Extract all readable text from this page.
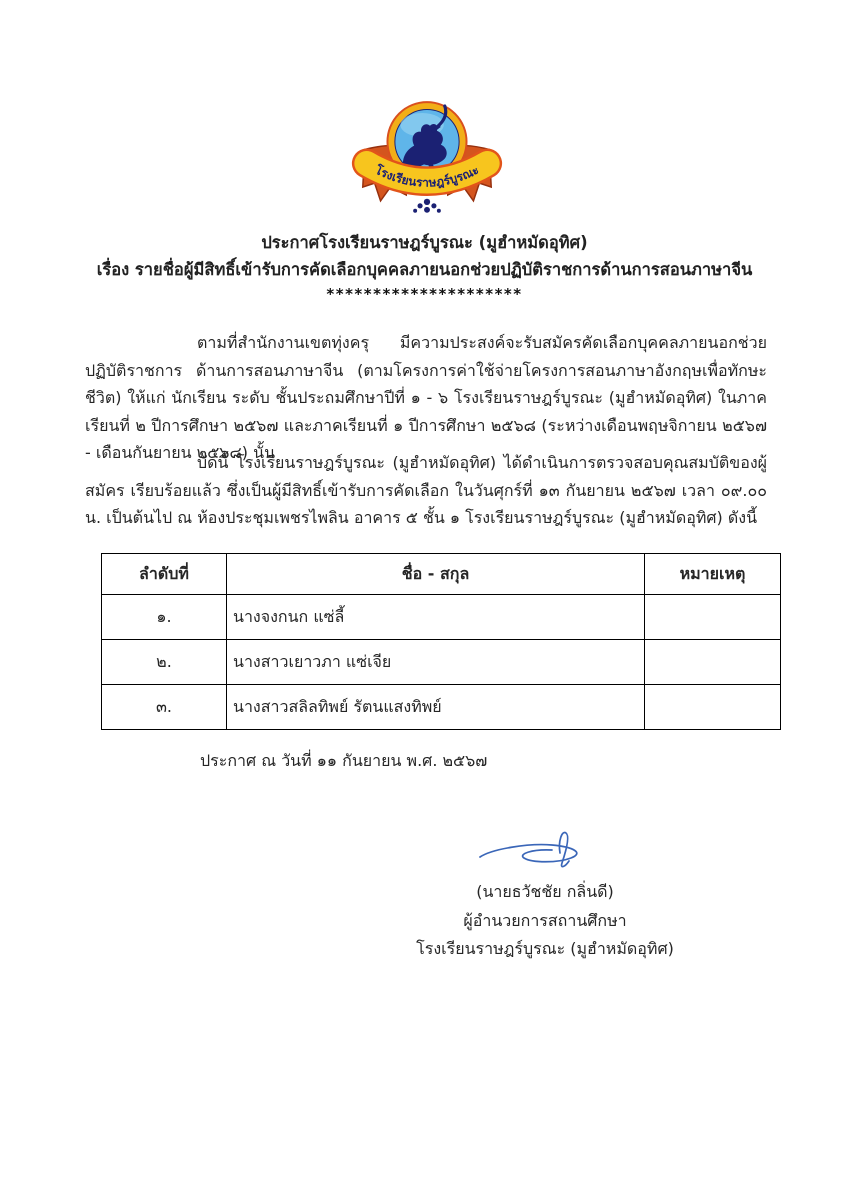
โรงเรียนราษฎร์บูรณะ
ประกาศโรงเรียนราษฎร์บูรณะ (มูฮำหมัดอุทิศ)
เรื่อง รายชื่อผู้มีสิทธิ์เข้ารับการคัดเลือกบุคคลภายนอกช่วยปฏิบัติราชการด้านการสอนภาษาจีน
*********************
ตามที่สำนักงานเขตทุ่งครุ มีความประสงค์จะรับสมัครคัดเลือกบุคคลภายนอกช่วยปฏิบัติราชการ ด้านการสอนภาษาจีน (ตามโครงการค่าใช้จ่ายโครงการสอนภาษาอังกฤษเพื่อทักษะชีวิต) ให้แก่ นักเรียน ระดับ ชั้นประถมศึกษาปีที่ ๑ - ๖ โรงเรียนราษฎร์บูรณะ (มูฮำหมัดอุทิศ) ในภาคเรียนที่ ๒ ปีการศึกษา ๒๕๖๗ และภาคเรียนที่ ๑ ปีการศึกษา ๒๕๖๘ (ระหว่างเดือนพฤษจิกายน ๒๕๖๗ - เดือนกันยายน ๒๕๖๘) นั้น
บัดนี้ โรงเรียนราษฎร์บูรณะ (มูฮำหมัดอุทิศ) ได้ดำเนินการตรวจสอบคุณสมบัติของผู้สมัคร เรียบร้อยแล้ว ซึ่งเป็นผู้มีสิทธิ์เข้ารับการคัดเลือก ในวันศุกร์ที่ ๑๓ กันยายน ๒๕๖๗ เวลา ๐๙.๐๐ น. เป็นต้นไป ณ ห้องประชุมเพชรไพลิน อาคาร ๕ ชั้น ๑ โรงเรียนราษฎร์บูรณะ (มูฮำหมัดอุทิศ) ดังนี้
ลำดับที่	ชื่อ - สกุล	หมายเหตุ
๑.	นางจงกนก แซ่ลี้	
๒.	นางสาวเยาวภา แซ่เจีย	
๓.	นางสาวสลิลทิพย์ รัตนแสงทิพย์	
ประกาศ ณ วันที่ ๑๑ กันยายน พ.ศ. ๒๕๖๗
(นายธวัชชัย กลิ่นดี)
ผู้อำนวยการสถานศึกษา
โรงเรียนราษฎร์บูรณะ (มูฮำหมัดอุทิศ)
